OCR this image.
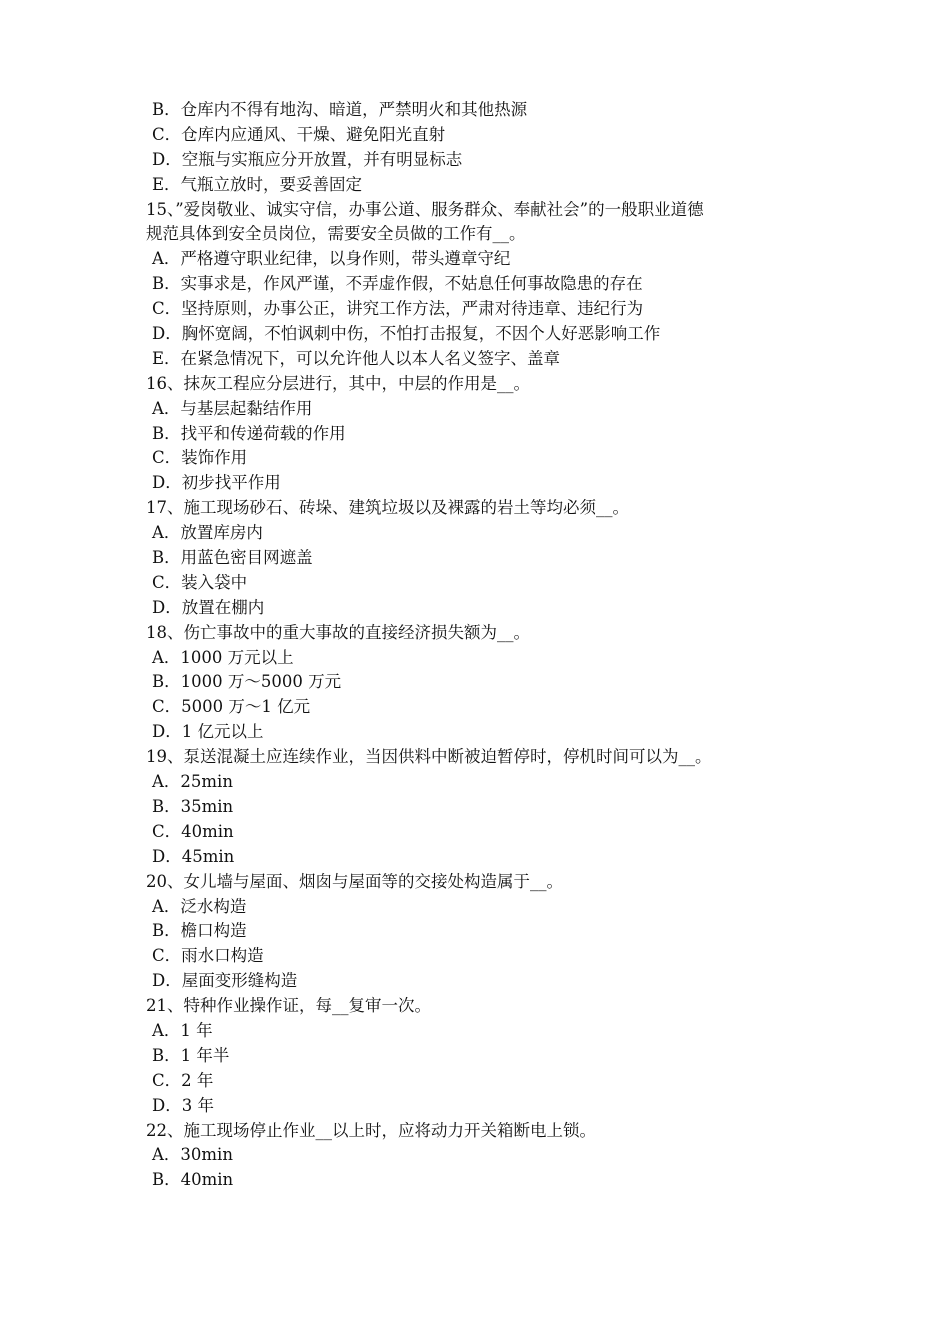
B．仓库内不得有地沟、暗道，严禁明火和其他热源
C．仓库内应通风、干燥、避免阳光直射
D．空瓶与实瓶应分开放置，并有明显标志
E．气瓶立放时，要妥善固定
15、”爱岗敬业、诚实守信，办事公道、服务群众、奉献社会”的一般职业道德
规范具体到安全员岗位，需要安全员做的工作有__。
A．严格遵守职业纪律，以身作则，带头遵章守纪
B．实事求是，作风严谨，不弄虚作假，不姑息任何事故隐患的存在
C．坚持原则，办事公正，讲究工作方法，严肃对待违章、违纪行为
D．胸怀宽阔，不怕讽刺中伤，不怕打击报复，不因个人好恶影响工作
E．在紧急情况下，可以允许他人以本人名义签字、盖章
16、抹灰工程应分层进行，其中，中层的作用是__。
A．与基层起黏结作用
B．找平和传递荷载的作用
C．装饰作用
D．初步找平作用
17、施工现场砂石、砖垛、建筑垃圾以及裸露的岩土等均必须__。
A．放置库房内
B．用蓝色密目网遮盖
C．装入袋中
D．放置在棚内
18、伤亡事故中的重大事故的直接经济损失额为__。
A．1000 万元以上
B．1000 万～5000 万元
C．5000 万～1 亿元
D．1 亿元以上
19、泵送混凝土应连续作业，当因供料中断被迫暂停时，停机时间可以为__。
A．25min
B．35min
C．40min
D．45min
20、女儿墙与屋面、烟囱与屋面等的交接处构造属于__。
A．泛水构造
B．檐口构造
C．雨水口构造
D．屋面变形缝构造
21、特种作业操作证，每__复审一次。
A．1 年
B．1 年半
C．2 年
D．3 年
22、施工现场停止作业__以上时，应将动力开关箱断电上锁。
A．30min
B．40min
